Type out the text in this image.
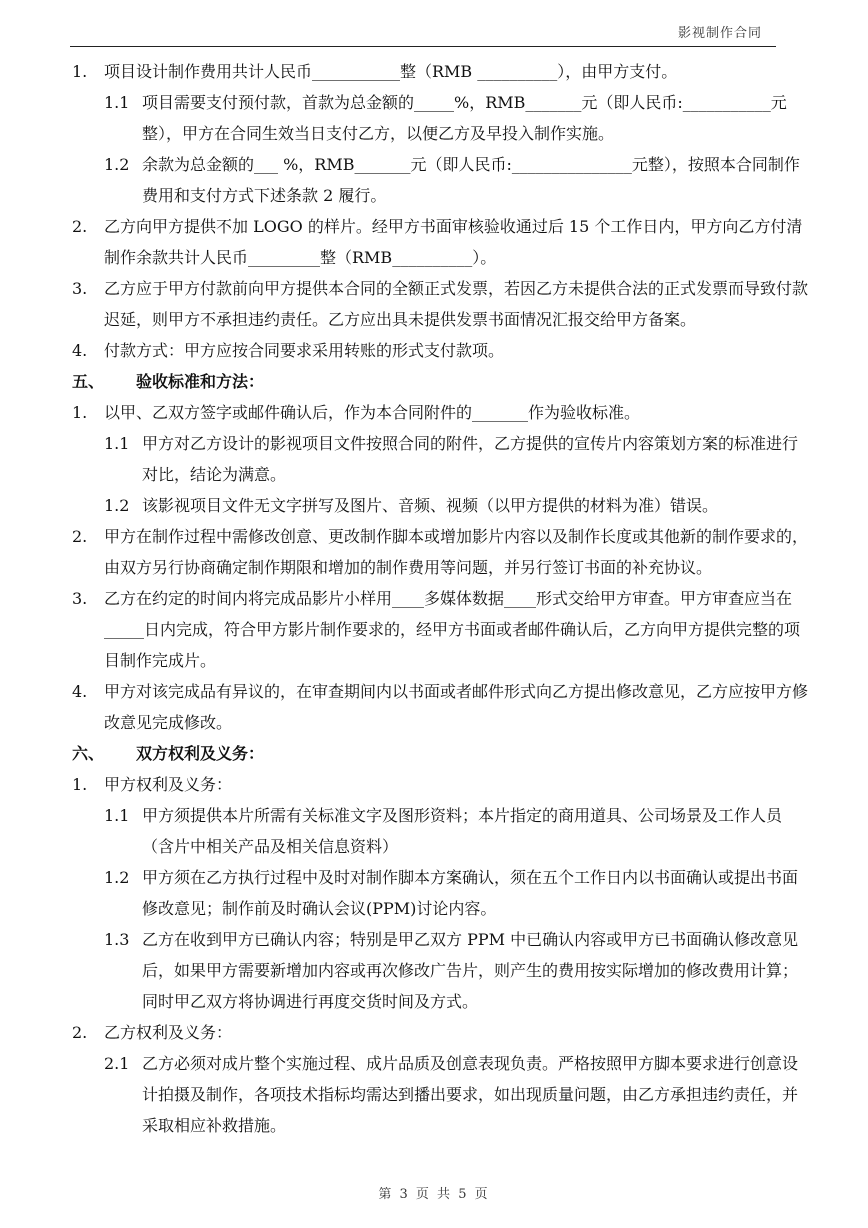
影视制作合同
1. 项目设计制作费用共计人民币___________整（RMB __________），由甲方支付。
1.1 项目需要支付预付款，首款为总金额的_____%，RMB_______元（即人民币:___________元整），甲方在合同生效当日支付乙方，以便乙方及早投入制作实施。
1.2 余款为总金额的___ %，RMB_______元（即人民币:_______________元整），按照本合同制作费用和支付方式下述条款 2 履行。
2. 乙方向甲方提供不加 LOGO 的样片。经甲方书面审核验收通过后 15 个工作日内，甲方向乙方付清制作余款共计人民币_________整（RMB__________）。
3. 乙方应于甲方付款前向甲方提供本合同的全额正式发票，若因乙方未提供合法的正式发票而导致付款迟延，则甲方不承担违约责任。乙方应出具未提供发票书面情况汇报交给甲方备案。
4. 付款方式：甲方应按合同要求采用转账的形式支付款项。
五、 验收标准和方法：
1. 以甲、乙双方签字或邮件确认后，作为本合同附件的_______作为验收标准。
1.1 甲方对乙方设计的影视项目文件按照合同的附件，乙方提供的宣传片内容策划方案的标准进行对比，结论为满意。
1.2 该影视项目文件无文字拼写及图片、音频、视频（以甲方提供的材料为准）错误。
2. 甲方在制作过程中需修改创意、更改制作脚本或增加影片内容以及制作长度或其他新的制作要求的，由双方另行协商确定制作期限和增加的制作费用等问题，并另行签订书面的补充协议。
3. 乙方在约定的时间内将完成品影片小样用____多媒体数据____形式交给甲方审查。甲方审查应当在 _____日内完成，符合甲方影片制作要求的，经甲方书面或者邮件确认后，乙方向甲方提供完整的项目制作完成片。
4. 甲方对该完成品有异议的，在审查期间内以书面或者邮件形式向乙方提出修改意见，乙方应按甲方修改意见完成修改。
六、 双方权利及义务：
1. 甲方权利及义务：
1.1 甲方须提供本片所需有关标准文字及图形资料；本片指定的商用道具、公司场景及工作人员（含片中相关产品及相关信息资料）
1.2 甲方须在乙方执行过程中及时对制作脚本方案确认，须在五个工作日内以书面确认或提出书面修改意见；制作前及时确认会议(PPM)讨论内容。
1.3 乙方在收到甲方已确认内容；特别是甲乙双方 PPM 中已确认内容或甲方已书面确认修改意见后，如果甲方需要新增加内容或再次修改广告片，则产生的费用按实际增加的修改费用计算；同时甲乙双方将协调进行再度交货时间及方式。
2. 乙方权利及义务：
2.1 乙方必须对成片整个实施过程、成片品质及创意表现负责。严格按照甲方脚本要求进行创意设计拍摄及制作，各项技术指标均需达到播出要求，如出现质量问题，由乙方承担违约责任，并采取相应补救措施。
第 3 页 共 5 页
